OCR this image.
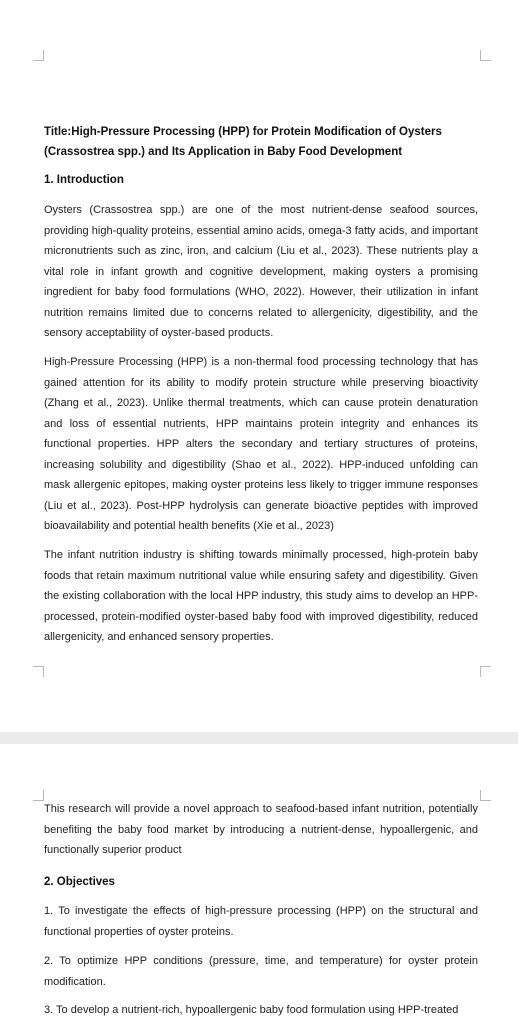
Title:High-Pressure Processing (HPP) for Protein Modification of Oysters (Crassostrea spp.) and Its Application in Baby Food Development

1. Introduction

Oysters (Crassostrea spp.) are one of the most nutrient-dense seafood sources, providing high-quality proteins, essential amino acids, omega-3 fatty acids, and important micronutrients such as zinc, iron, and calcium (Liu et al., 2023). These nutrients play a vital role in infant growth and cognitive development, making oysters a promising ingredient for baby food formulations (WHO, 2022). However, their utilization in infant nutrition remains limited due to concerns related to allergenicity, digestibility, and the sensory acceptability of oyster-based products.

High-Pressure Processing (HPP) is a non-thermal food processing technology that has gained attention for its ability to modify protein structure while preserving bioactivity (Zhang et al., 2023). Unlike thermal treatments, which can cause protein denaturation and loss of essential nutrients, HPP maintains protein integrity and enhances its functional properties. HPP alters the secondary and tertiary structures of proteins, increasing solubility and digestibility (Shao et al., 2022). HPP-induced unfolding can mask allergenic epitopes, making oyster proteins less likely to trigger immune responses (Liu et al., 2023). Post-HPP hydrolysis can generate bioactive peptides with improved bioavailability and potential health benefits (Xie et al., 2023)

The infant nutrition industry is shifting towards minimally processed, high-protein baby foods that retain maximum nutritional value while ensuring safety and digestibility. Given the existing collaboration with the local HPP industry, this study aims to develop an HPP-processed, protein-modified oyster-based baby food with improved digestibility, reduced allergenicity, and enhanced sensory properties.

This research will provide a novel approach to seafood-based infant nutrition, potentially benefiting the baby food market by introducing a nutrient-dense, hypoallergenic, and functionally superior product

2. Objectives

1. To investigate the effects of high-pressure processing (HPP) on the structural and functional properties of oyster proteins.

2. To optimize HPP conditions (pressure, time, and temperature) for oyster protein modification.

3. To develop a nutrient-rich, hypoallergenic baby food formulation using HPP-treated
